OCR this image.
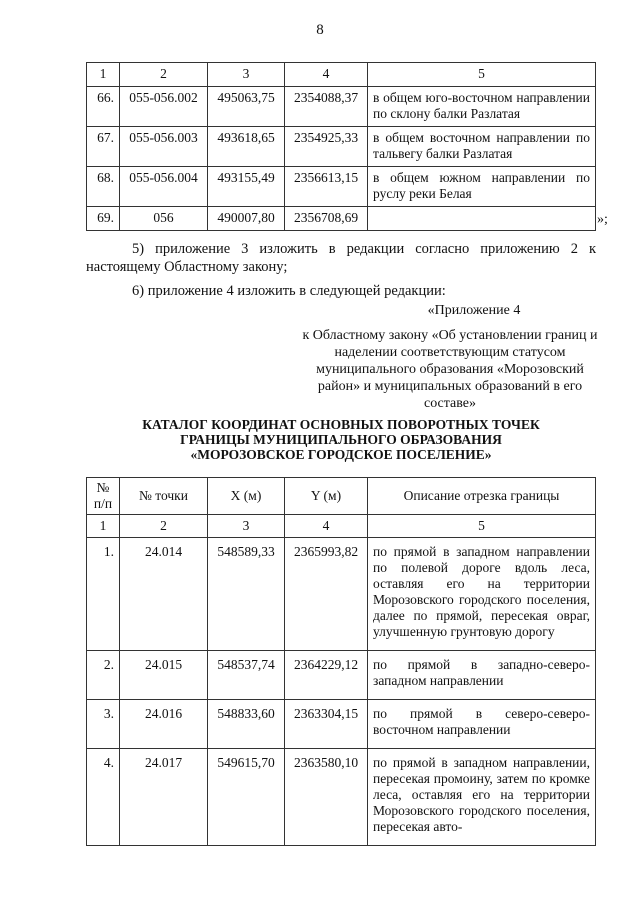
8
1	2	3	4	5
66.	055-056.002	495063,75	2354088,37	в общем юго-восточном направлении по склону балки Разлатая
67.	055-056.003	493618,65	2354925,33	в общем восточном направлении по тальвегу балки Разлатая
68.	055-056.004	493155,49	2356613,15	в общем южном направлении по руслу реки Белая
69.	056	490007,80	2356708,69		»;
5) приложение 3 изложить в редакции согласно приложению 2 к настоящему Областному закону;
6) приложение 4 изложить в следующей редакции:
«Приложение 4
к Областному закону «Об установлении границ и наделении соответствующим статусом муниципального образования «Морозовский район» и муниципальных образований в его составе»
КАТАЛОГ КООРДИНАТ ОСНОВНЫХ ПОВОРОТНЫХ ТОЧЕК
ГРАНИЦЫ МУНИЦИПАЛЬНОГО ОБРАЗОВАНИЯ
«МОРОЗОВСКОЕ ГОРОДСКОЕ ПОСЕЛЕНИЕ»
№
п/п	№ точки	X (м)	Y (м)	Описание отрезка границы
1	2	3	4	5
1.	24.014	548589,33	2365993,82	по прямой в западном направлении по полевой дороге вдоль леса, оставляя его на территории Морозовского городского поселения, далее по прямой, пересекая овраг, улучшенную грунтовую дорогу
2.	24.015	548537,74	2364229,12	по прямой в западно-северо-западном направлении
3.	24.016	548833,60	2363304,15	по прямой в северо-северо-восточном направлении
4.	24.017	549615,70	2363580,10	по прямой в западном направлении, пересекая промоину, затем по кромке леса, оставляя его на территории Морозовского городского поселения, пересекая авто-
